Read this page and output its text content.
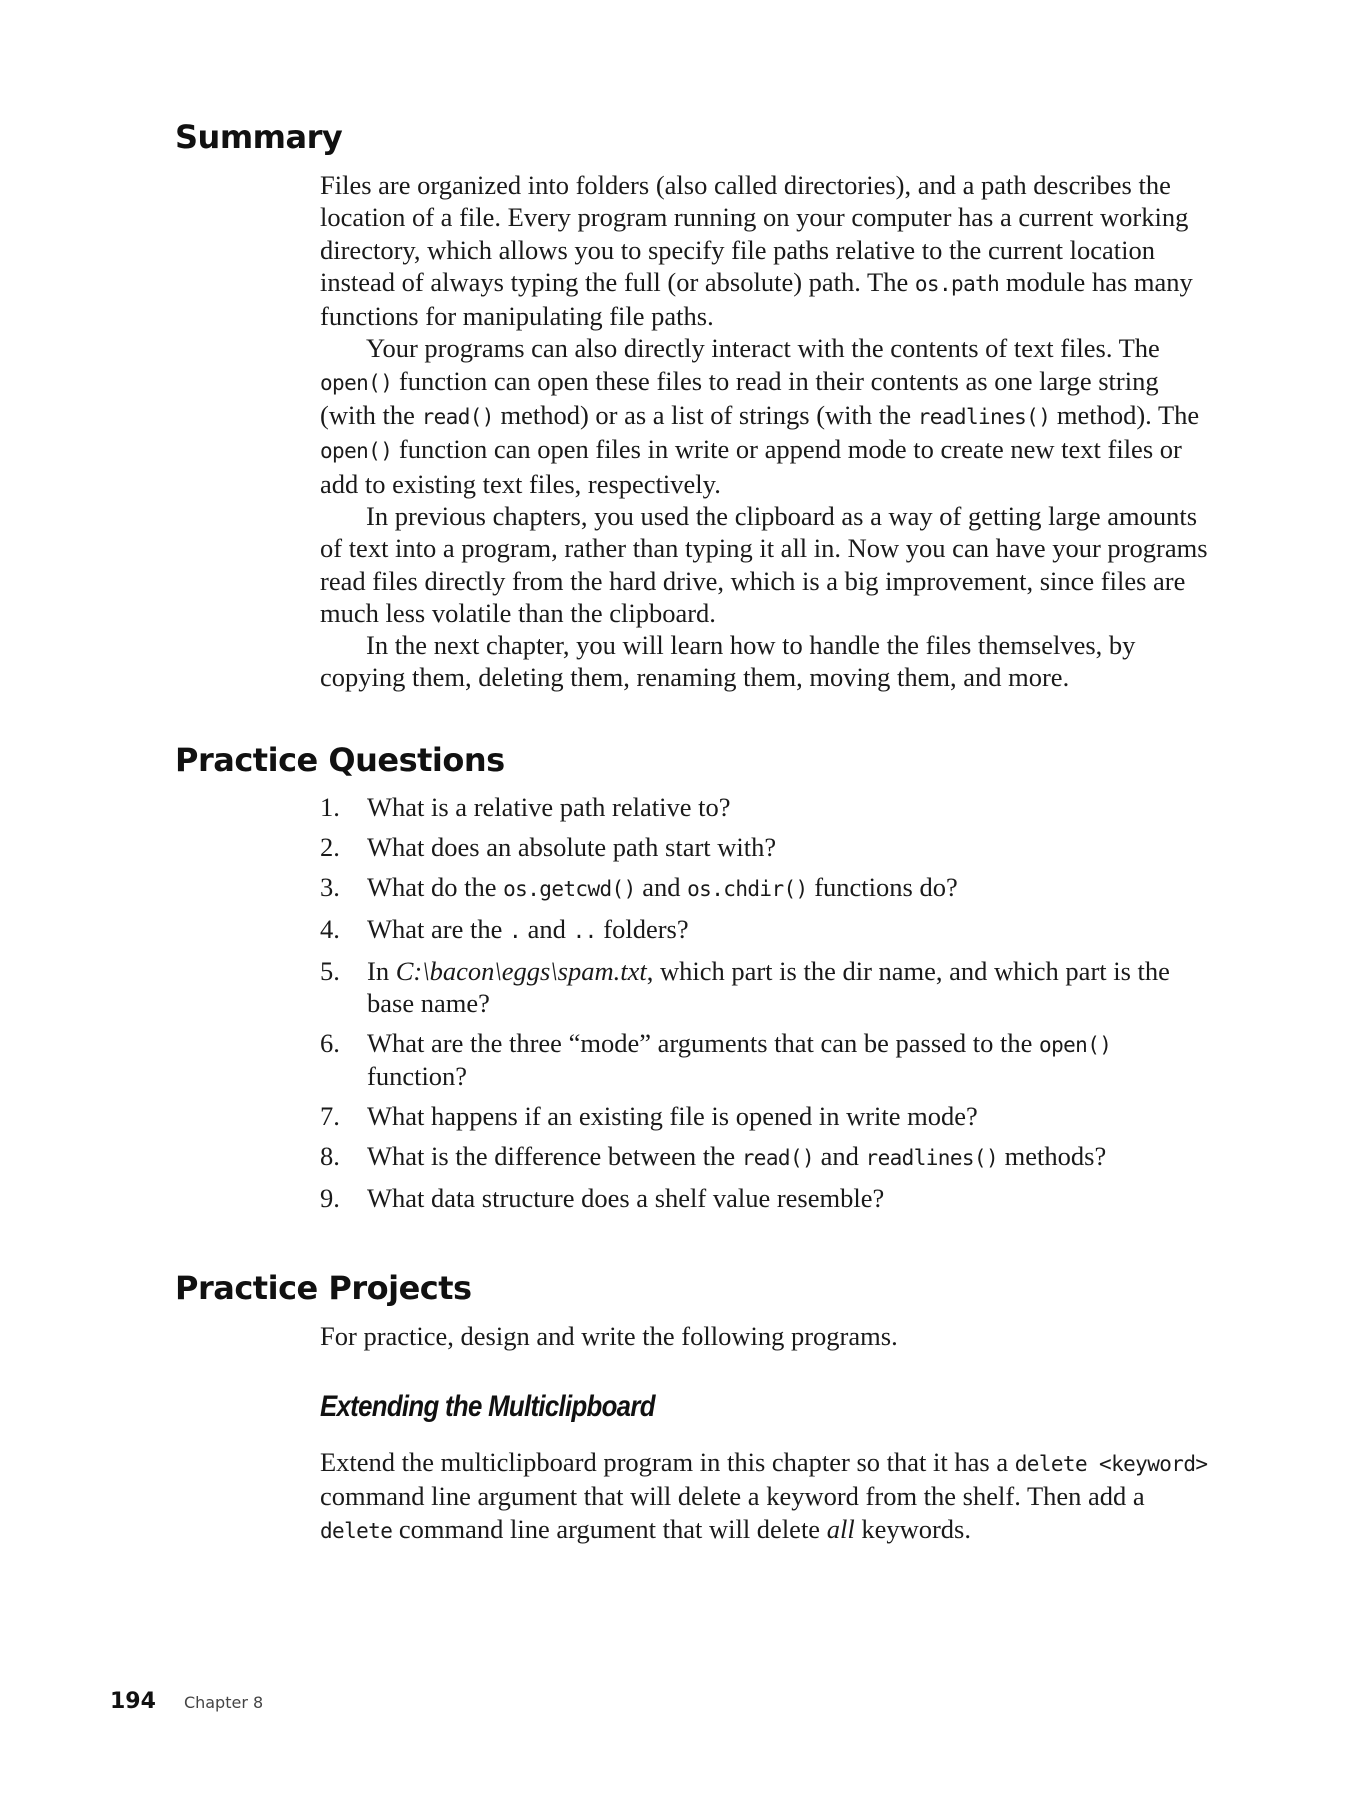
Summary

Files are organized into folders (also called directories), and a path describes the location of a file. Every program running on your computer has a current working directory, which allows you to specify file paths relative to the current location instead of always typing the full (or absolute) path. The os.path module has many functions for manipulating file paths.

Your programs can also directly interact with the contents of text files. The open() function can open these files to read in their contents as one large string (with the read() method) or as a list of strings (with the readlines() method). The open() function can open files in write or append mode to create new text files or add to existing text files, respectively.

In previous chapters, you used the clipboard as a way of getting large amounts of text into a program, rather than typing it all in. Now you can have your programs read files directly from the hard drive, which is a big improvement, since files are much less volatile than the clipboard.

In the next chapter, you will learn how to handle the files themselves, by copying them, deleting them, renaming them, moving them, and more.

Practice Questions
1. What is a relative path relative to?
2. What does an absolute path start with?
3. What do the os.getcwd() and os.chdir() functions do?
4. What are the . and .. folders?
5. In C:\bacon\eggs\spam.txt, which part is the dir name, and which part is the base name?
6. What are the three “mode” arguments that can be passed to the open() function?
7. What happens if an existing file is opened in write mode?
8. What is the difference between the read() and readlines() methods?
9. What data structure does a shelf value resemble?
Practice Projects

For practice, design and write the following programs.

Extending the Multiclipboard

Extend the multiclipboard program in this chapter so that it has a delete <keyword> command line argument that will delete a keyword from the shelf. Then add a delete command line argument that will delete all keywords.

194 Chapter 8
